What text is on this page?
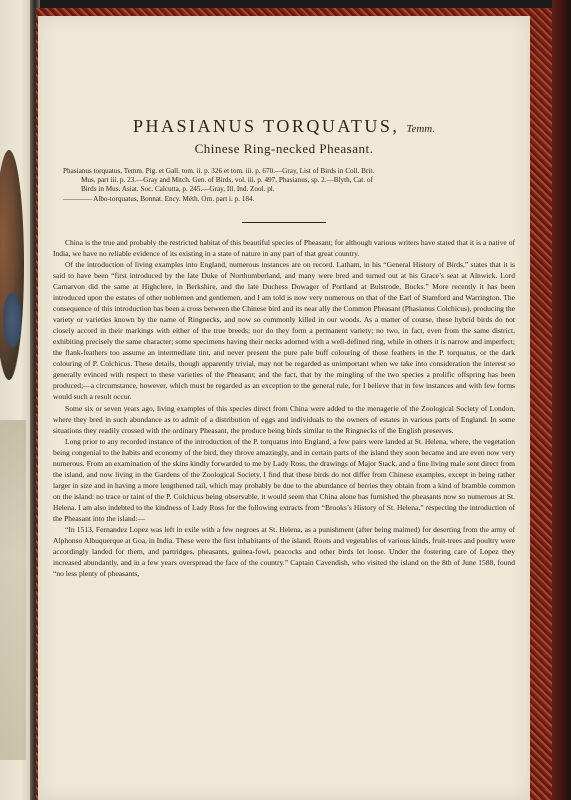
PHASIANUS TORQUATUS, Temm.
Chinese Ring-necked Pheasant.
Phasianus torquatus, Temm. Pig. et Gall. tom. ii. p. 326 et tom. iii. p. 670.—Gray, List of Birds in Coll. Brit.
Mus. part iii. p. 23.—Gray and Mitch. Gen. of Birds, vol. iii. p. 497, Phasianus, sp. 2.—Blyth, Cat. of
Birds in Mus. Asiat. Soc. Calcutta, p. 245.—Gray, Ill. Ind. Zool. pl.
———— Albo-torquatus, Bonnat. Ency. Méth. Orn. part i. p. 184.

China is the true and probably the restricted habitat of this beautiful species of Pheasant; for although various writers have stated that it is a native of India, we have no reliable evidence of its existing in a state of nature in any part of that great country.

Of the introduction of living examples into England, numerous instances are on record. Latham, in his “General History of Birds,” states that it is said to have been “first introduced by the late Duke of Northumberland, and many were bred and turned out at his Grace’s seat at Alnwick. Lord Carnarvon did the same at Highclere, in Berkshire, and the late Duchess Dowager of Portland at Bulstrode, Bucks.” More recently it has been introduced upon the estates of other noblemen and gentlemen, and I am told is now very numerous on that of the Earl of Stamford and Warrington. The consequence of this introduction has been a cross between the Chinese bird and its near ally the Common Pheasant (Phasianus Colchicus), producing the variety or varieties known by the name of Ringnecks, and now so commonly killed in our woods. As a matter of course, these hybrid birds do not closely accord in their markings with either of the true breeds; nor do they form a permanent variety; no two, in fact, even from the same district, exhibiting precisely the same character; some specimens having their necks adorned with a well-defined ring, while in others it is narrow and imperfect; the flank-feathers too assume an intermediate tint, and never present the pure pale buff colouring of those feathers in the P. torquatus, or the dark colouring of P. Colchicus. These details, though apparently trivial, may not be regarded as unimportant when we take into consideration the interest so generally evinced with respect to these varieties of the Pheasant; and the fact, that by the mingling of the two species a prolific offspring has been produced;—a circumstance, however, which must be regarded as an exception to the general rule, for I believe that in few instances and with few forms would such a result occur.

Some six or seven years ago, living examples of this species direct from China were added to the menagerie of the Zoological Society of London, where they bred in such abundance as to admit of a distribution of eggs and individuals to the owners of estates in various parts of England. In some situations they readily crossed with the ordinary Pheasant, the produce being birds similar to the Ringnecks of the English preserves.

Long prior to any recorded instance of the introduction of the P. torquatus into England, a few pairs were landed at St. Helena, where, the vegetation being congenial to the habits and economy of the bird, they throve amazingly, and in certain parts of the island they soon became and are even now very numerous. From an examination of the skins kindly forwarded to me by Lady Ross, the drawings of Major Stack, and a fine living male sent direct from the island, and now living in the Gardens of the Zoological Society, I find that these birds do not differ from Chinese examples, except in being rather larger in size and in having a more lengthened tail, which may probably be due to the abundance of berries they obtain from a kind of bramble common on the island: no trace or taint of the P. Colchicus being observable, it would seem that China alone has furnished the pheasants now so numerous at St. Helena. I am also indebted to the kindness of Lady Ross for the following extracts from “Brooks’s History of St. Helena,” respecting the introduction of the Pheasant into the island:—

“In 1513, Fernandez Lopez was left in exile with a few negroes at St. Helena, as a punishment (after being maimed) for deserting from the army of Alphonso Albuquerque at Goa, in India. These were the first inhabitants of the island. Roots and vegetables of various kinds, fruit-trees and poultry were accordingly landed for them, and partridges, pheasants, guinea-fowl, peacocks and other birds let loose. Under the fostering care of Lopez they increased abundantly, and in a few years overspread the face of the country.” Captain Cavendish, who visited the island on the 8th of June 1588, found “no less plenty of pheasants,
